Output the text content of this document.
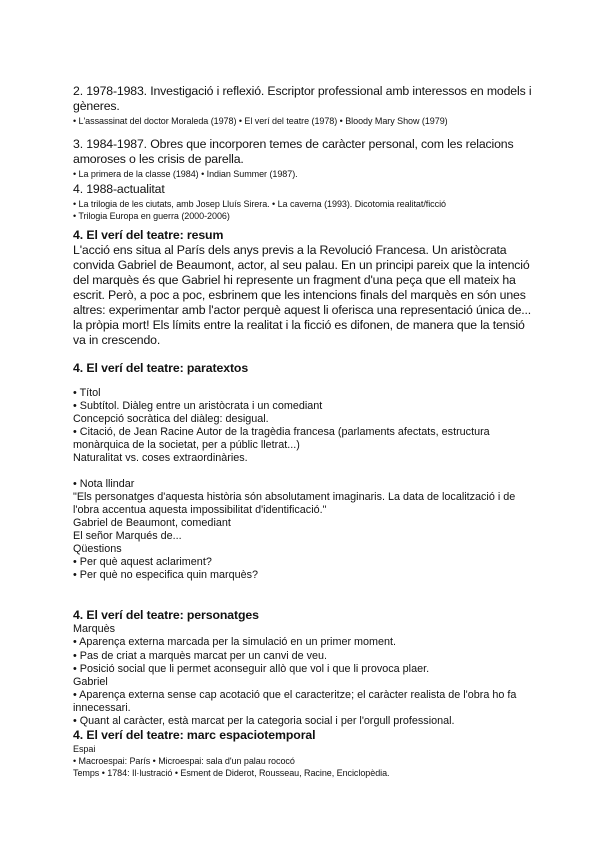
2. 1978-1983. Investigació i reflexió. Escriptor professional amb interessos en models i gèneres.

• L'assassinat del doctor Moraleda (1978) • El verí del teatre (1978) • Bloody Mary Show (1979)

3. 1984-1987. Obres que incorporen temes de caràcter personal, com les relacions amoroses o les crisis de parella.

• La primera de la classe (1984) • Indian Summer (1987).

4. 1988-actualitat

• La trilogia de les ciutats, amb Josep Lluís Sirera. • La caverna (1993). Dicotomia realitat/ficció

• Trilogia Europa en guerra (2000-2006)

4. El verí del teatre: resum

L'acció ens situa al París dels anys previs a la Revolució Francesa. Un aristòcrata convida Gabriel de Beaumont, actor, al seu palau. En un principi pareix que la intenció del marquès és que Gabriel hi represente un fragment d'una peça que ell mateix ha escrit. Però, a poc a poc, esbrinem que les intencions finals del marquès en són unes altres: experimentar amb l'actor perquè aquest li oferisca una representació única de... la pròpia mort! Els límits entre la realitat i la ficció es difonen, de manera que la tensió va in crescendo.

4. El verí del teatre: paratextos

• Títol

• Subtítol. Diàleg entre un aristòcrata i un comediant

Concepció socràtica del diàleg: desigual.

• Citació, de Jean Racine Autor de la tragèdia francesa (parlaments afectats, estructura monàrquica de la societat, per a públic lletrat...)

Naturalitat vs. coses extraordinàries.

• Nota llindar

"Els personatges d'aquesta història són absolutament imaginaris. La data de localització i de l'obra accentua aquesta impossibilitat d'identificació."

Gabriel de Beaumont, comediant

El señor Marqués de...

Qüestions

• Per què aquest aclariment?

• Per què no especifica quin marquès?

4. El verí del teatre: personatges

Marquès

• Aparença externa marcada per la simulació en un primer moment.

• Pas de criat a marquès marcat per un canvi de veu.

• Posició social que li permet aconseguir allò que vol i que li provoca plaer.

Gabriel

• Aparença externa sense cap acotació que el caracteritze; el caràcter realista de l'obra ho fa innecessari.

• Quant al caràcter, està marcat per la categoria social i per l'orgull professional.

4. El verí del teatre: marc espaciotemporal

Espai

• Macroespai: París • Microespai: sala d'un palau rococó

Temps • 1784: Il·lustració • Esment de Diderot, Rousseau, Racine, Enciclopèdia.
